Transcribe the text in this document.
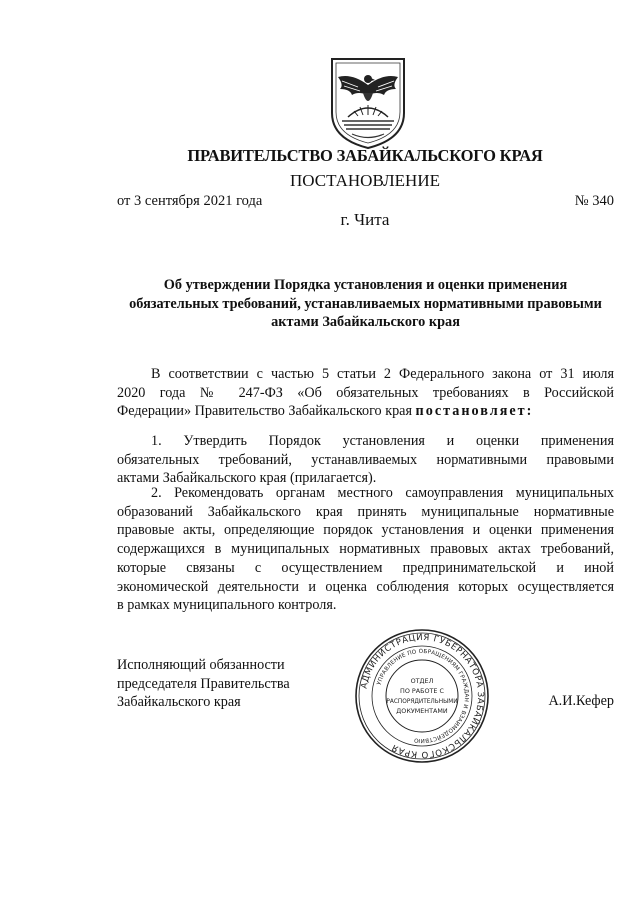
ПРАВИТЕЛЬСТВО ЗАБАЙКАЛЬСКОГО КРАЯ
ПОСТАНОВЛЕНИЕ
от 3 сентября 2021 года	№ 340
г. Чита
Об утверждении Порядка установления и оценки применения
обязательных требований, устанавливаемых нормативными правовыми
актами Забайкальского края
В соответствии с частью 5 статьи 2 Федерального закона от 31 июля
2020 года № 247-ФЗ «Об обязательных требованиях в Российской
Федерации» Правительство Забайкальского края постановляет:
1. Утвердить Порядок установления и оценки применения
обязательных требований, устанавливаемых нормативными правовыми
актами Забайкальского края (прилагается).
2. Рекомендовать органам местного самоуправления муниципальных
образований Забайкальского края принять муниципальные нормативные
правовые акты, определяющие порядок установления и оценки применения
содержащихся в муниципальных нормативных правовых актах требований,
которые связаны с осуществлением предпринимательской и иной
экономической деятельности и оценка соблюдения которых осуществляется
в рамках муниципального контроля.
Исполняющий обязанности
председателя Правительства
Забайкальского края	А.И.Кефер
АДМИНИСТРАЦИЯ ГУБЕРНАТОРА ЗАБАЙКАЛЬСКОГО КРАЯ
УПРАВЛЕНИЕ ПО ОБРАЩЕНИЯМ ГРАЖДАН И ВЗАИМОДЕЙСТВИЮ
ОТДЕЛ
ПО РАБОТЕ С
РАСПОРЯДИТЕЛЬНЫМИ
ДОКУМЕНТАМИ
